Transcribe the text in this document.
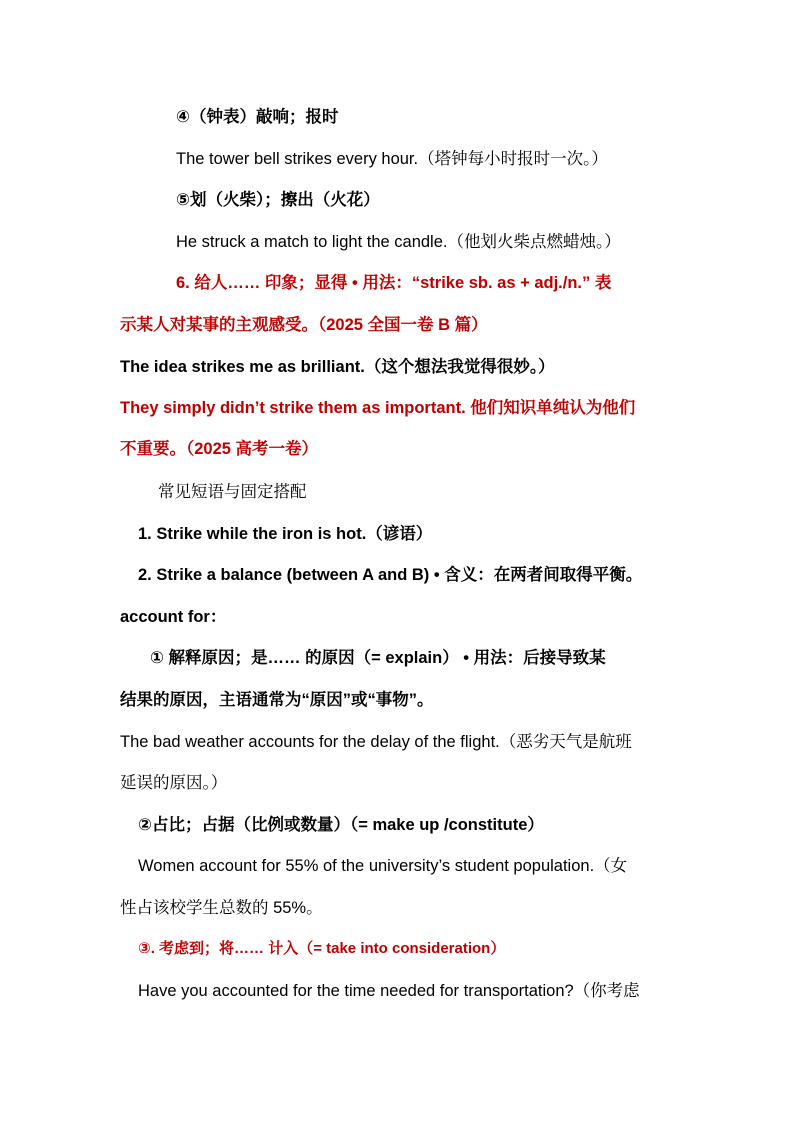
④（钟表）敲响；报时
The tower bell strikes every hour.（塔钟每小时报时一次。）
⑤划（火柴）；擦出（火花）
He struck a match to light the candle.（他划火柴点燃蜡烛。）
6. 给人…… 印象；显得 • 用法：“strike sb. as + adj./n.” 表
示某人对某事的主观感受。（2025 全国一卷 B 篇）
The idea strikes me as brilliant.（这个想法我觉得很妙。）
They simply didn’t strike them as important. 他们知识单纯认为他们
不重要。（2025 高考一卷）
常见短语与固定搭配
1. Strike while the iron is hot.（谚语）
2. Strike a balance (between A and B) • 含义：在两者间取得平衡。
account for：
① 解释原因；是…… 的原因（= explain） • 用法：后接导致某
结果的原因，主语通常为“原因”或“事物”。
The bad weather accounts for the delay of the flight.（恶劣天气是航班
延误的原因。）
②占比；占据（比例或数量）（= make up /constitute）
Women account for 55% of the university’s student population.（女
性占该校学生总数的 55%。
③. 考虑到；将…… 计入（= take into consideration）
Have you accounted for the time needed for transportation?（你考虑
